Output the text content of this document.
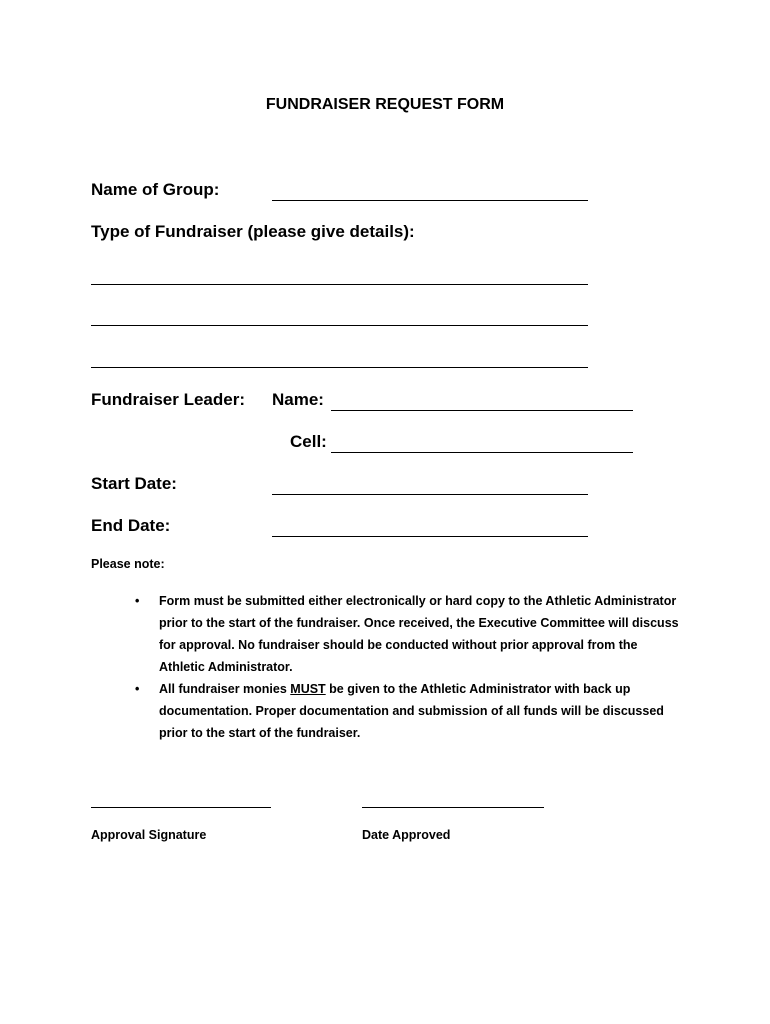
FUNDRAISER REQUEST FORM
Name of Group:
Type of Fundraiser (please give details):
Fundraiser Leader: Name:
Cell:
Start Date:
End Date:
Please note:
• Form must be submitted either electronically or hard copy to the Athletic Administrator prior to the start of the fundraiser. Once received, the Executive Committee will discuss for approval. No fundraiser should be conducted without prior approval from the Athletic Administrator.
• All fundraiser monies MUST be given to the Athletic Administrator with back up documentation. Proper documentation and submission of all funds will be discussed prior to the start of the fundraiser.
Approval Signature	Date Approved
